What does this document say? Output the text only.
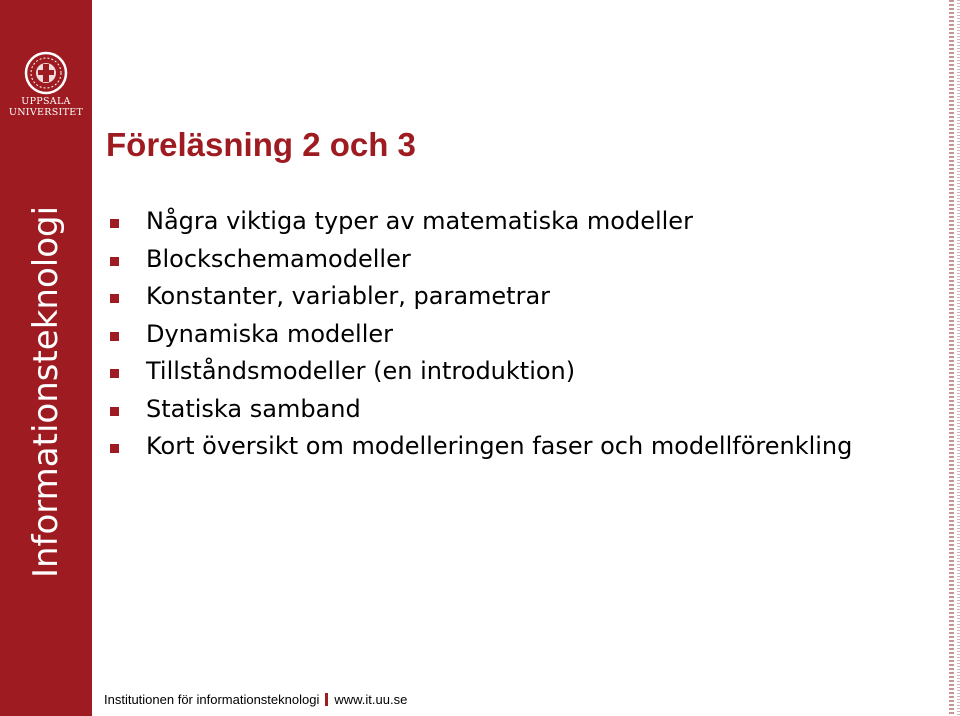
UPPSALA
UNIVERSITET
Informationsteknologi
Föreläsning 2 och 3
Några viktiga typer av matematiska modeller
Blockschemamodeller
Konstanter, variabler, parametrar
Dynamiska modeller
Tillståndsmodeller (en introduktion)
Statiska samband
Kort översikt om modelleringen faser och modellförenkling
Institutionen för informationsteknologi www.it.uu.se
